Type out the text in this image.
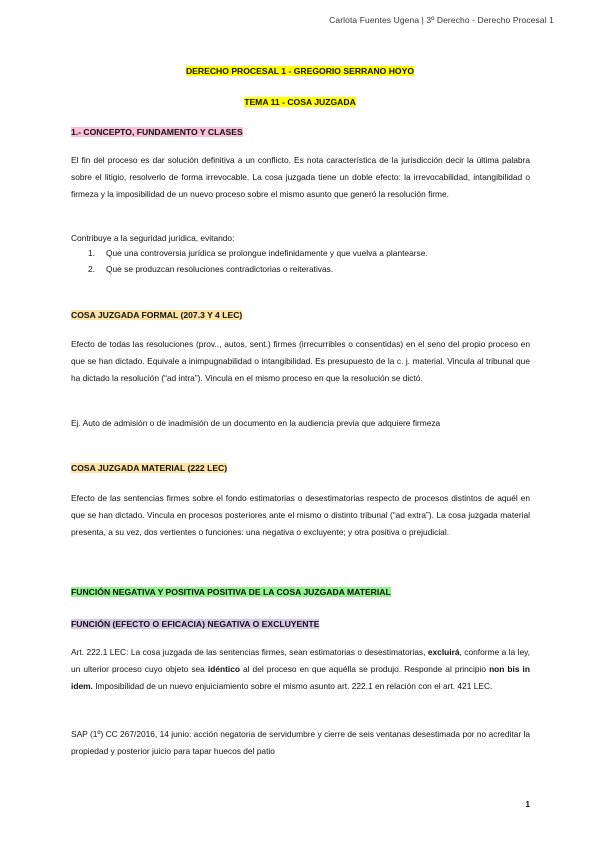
Carlota Fuentes Ugena | 3º Derecho - Derecho Procesal 1
DERECHO PROCESAL 1 - GREGORIO SERRANO HOYO
TEMA 11 - COSA JUZGADA
1.- CONCEPTO, FUNDAMENTO Y CLASES
El fin del proceso es dar solución definitiva a un conflicto. Es nota característica de la jurisdicción decir la última palabra sobre el litigio, resolverlo de forma irrevocable. La cosa juzgada tiene un doble efecto: la irrevocabilidad, intangibilidad o firmeza y la imposibilidad de un nuevo proceso sobre el mismo asunto que generó la resolución firme.
Contribuye a la seguridad jurídica, evitando:
1. Que una controversia jurídica se prolongue indefinidamente y que vuelva a plantearse.
2. Que se produzcan resoluciones contradictorias o reiterativas.
COSA JUZGADA FORMAL (207.3 Y 4 LEC)
Efecto de todas las resoluciones (prov.., autos, sent.) firmes (irrecurribles o consentidas) en el seno del propio proceso en que se han dictado. Equivale a inimpugnabilidad o intangibilidad. Es presupuesto de la c. j. material. Vincula al tribunal que ha dictado la resolución (“ad intra”). Vincula en el mismo proceso en que la resolución se dictó.
Ej. Auto de admisión o de inadmisión de un documento en la audiencia previa que adquiere firmeza
COSA JUZGADA MATERIAL (222 LEC)
Efecto de las sentencias firmes sobre el fondo estimatorias o desestimatorias respecto de procesos distintos de aquél en que se han dictado. Vincula en procesos posteriores ante el mismo o distinto tribunal (“ad extra”). La cosa juzgada material presenta, a su vez, dos vertientes o funciones: una negativa o excluyente; y otra positiva o prejudicial.
FUNCIÓN NEGATIVA Y POSITIVA POSITIVA DE LA COSA JUZGADA MATERIAL
FUNCIÓN (EFECTO O EFICACIA) NEGATIVA O EXCLUYENTE
Art. 222.1 LEC: La cosa juzgada de las sentencias firmes, sean estimatorias o desestimatorias, excluirá, conforme a la ley, un ulterior proceso cuyo objeto sea idéntico al del proceso en que aquélla se produjo. Responde al principio non bis in idem. Imposibilidad de un nuevo enjuiciamiento sobre el mismo asunto art. 222.1 en relación con el art. 421 LEC.
SAP (1º) CC 267/2016, 14 junio: acción negatoria de servidumbre y cierre de seis ventanas desestimada por no acreditar la propiedad y posterior juicio para tapar huecos del patio
1
